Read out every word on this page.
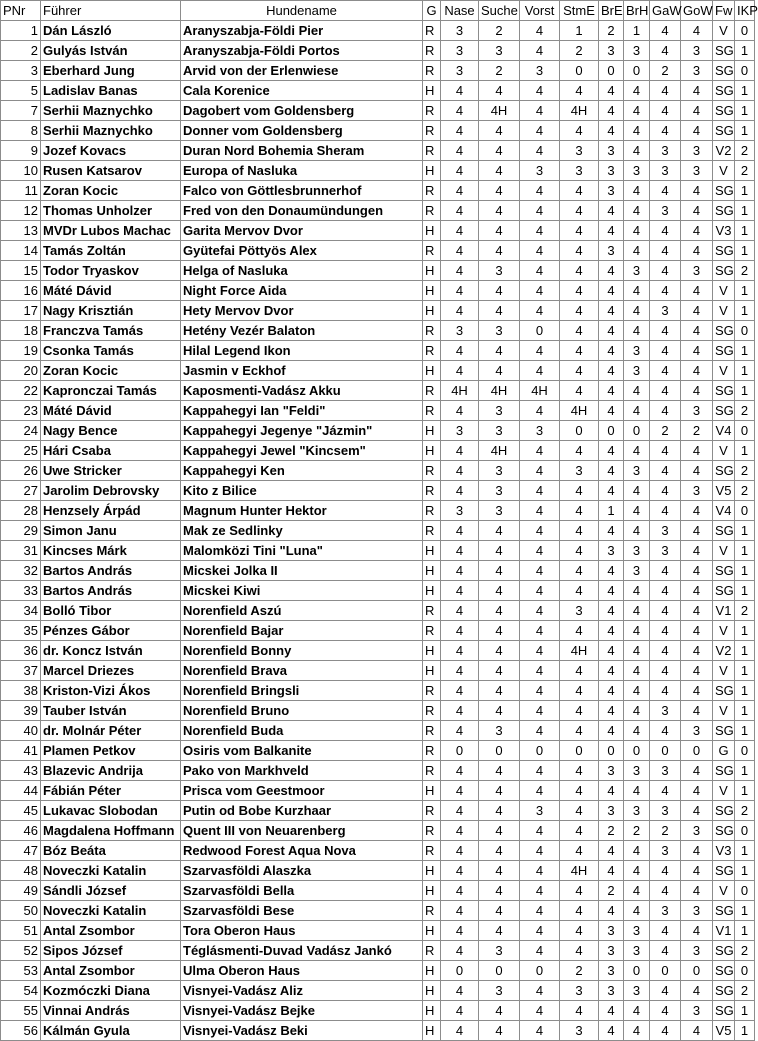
PNr	Führer	Hundename	G	Nase	Suche	Vorst	StmE	BrE	BrH	GaW	GoW	Fw	IKP
1	Dán László	Aranyszabja-Földi Pier	R	3	2	4	1	2	1	4	4	V	0
2	Gulyás István	Aranyszabja-Földi Portos	R	3	3	4	2	3	3	4	3	SG	1
3	Eberhard Jung	Arvid von der Erlenwiese	R	3	2	3	0	0	0	2	3	SG	0
5	Ladislav Banas	Cala Korenice	H	4	4	4	4	4	4	4	4	SG	1
7	Serhii Maznychko	Dagobert vom Goldensberg	R	4	4H	4	4H	4	4	4	4	SG	1
8	Serhii Maznychko	Donner vom Goldensberg	R	4	4	4	4	4	4	4	4	SG	1
9	Jozef Kovacs	Duran Nord Bohemia Sheram	R	4	4	4	3	3	4	3	3	V2	2
10	Rusen Katsarov	Europa of Nasluka	H	4	4	3	3	3	3	3	3	V	2
11	Zoran Kocic	Falco von Göttlesbrunnerhof	R	4	4	4	4	3	4	4	4	SG	1
12	Thomas Unholzer	Fred von den Donaumündungen	R	4	4	4	4	4	4	3	4	SG	1
13	MVDr Lubos Machac	Garita Mervov Dvor	H	4	4	4	4	4	4	4	4	V3	1
14	Tamás Zoltán	Gyütefai Pöttyös Alex	R	4	4	4	4	3	4	4	4	SG	1
15	Todor Tryaskov	Helga of Nasluka	H	4	3	4	4	4	3	4	3	SG	2
16	Máté Dávid	Night Force Aida	H	4	4	4	4	4	4	4	4	V	1
17	Nagy Krisztián	Hety Mervov Dvor	H	4	4	4	4	4	4	3	4	V	1
18	Franczva Tamás	Hetény Vezér Balaton	R	3	3	0	4	4	4	4	4	SG	0
19	Csonka Tamás	Hilal Legend Ikon	R	4	4	4	4	4	3	4	4	SG	1
20	Zoran Kocic	Jasmin v Eckhof	H	4	4	4	4	4	3	4	4	V	1
22	Kapronczai Tamás	Kaposmenti-Vadász Akku	R	4H	4H	4H	4	4	4	4	4	SG	1
23	Máté Dávid	Kappahegyi Ian "Feldi"	R	4	3	4	4H	4	4	4	3	SG	2
24	Nagy Bence	Kappahegyi Jegenye "Jázmin"	H	3	3	3	0	0	0	2	2	V4	0
25	Hári Csaba	Kappahegyi Jewel "Kincsem"	H	4	4H	4	4	4	4	4	4	V	1
26	Uwe Stricker	Kappahegyi Ken	R	4	3	4	3	4	3	4	4	SG	2
27	Jarolim Debrovsky	Kito z Bilice	R	4	3	4	4	4	4	4	3	V5	2
28	Henzsely Árpád	Magnum Hunter Hektor	R	3	3	4	4	1	4	4	4	V4	0
29	Simon Janu	Mak ze Sedlinky	R	4	4	4	4	4	4	3	4	SG	1
31	Kincses Márk	Malomközi Tini "Luna"	H	4	4	4	4	3	3	3	4	V	1
32	Bartos András	Micskei Jolka II	H	4	4	4	4	4	3	4	4	SG	1
33	Bartos András	Micskei Kiwi	H	4	4	4	4	4	4	4	4	SG	1
34	Bolló Tibor	Norenfield Aszú	R	4	4	4	3	4	4	4	4	V1	2
35	Pénzes Gábor	Norenfield Bajar	R	4	4	4	4	4	4	4	4	V	1
36	dr. Koncz István	Norenfield Bonny	H	4	4	4	4H	4	4	4	4	V2	1
37	Marcel Driezes	Norenfield Brava	H	4	4	4	4	4	4	4	4	V	1
38	Kriston-Vizi Ákos	Norenfield Bringsli	R	4	4	4	4	4	4	4	4	SG	1
39	Tauber István	Norenfield Bruno	R	4	4	4	4	4	4	3	4	V	1
40	dr. Molnár Péter	Norenfield Buda	R	4	3	4	4	4	4	4	3	SG	1
41	Plamen Petkov	Osiris vom Balkanite	R	0	0	0	0	0	0	0	0	G	0
43	Blazevic Andrija	Pako von Markhveld	R	4	4	4	4	3	3	3	4	SG	1
44	Fábián Péter	Prisca vom Geestmoor	H	4	4	4	4	4	4	4	4	V	1
45	Lukavac Slobodan	Putin od Bobe Kurzhaar	R	4	4	3	4	3	3	3	4	SG	2
46	Magdalena Hoffmann	Quent III von Neuarenberg	R	4	4	4	4	2	2	2	3	SG	0
47	Bóz Beáta	Redwood Forest Aqua Nova	R	4	4	4	4	4	4	3	4	V3	1
48	Noveczki Katalin	Szarvasföldi Alaszka	H	4	4	4	4H	4	4	4	4	SG	1
49	Sándli József	Szarvasföldi Bella	H	4	4	4	4	2	4	4	4	V	0
50	Noveczki Katalin	Szarvasföldi Bese	R	4	4	4	4	4	4	3	3	SG	1
51	Antal Zsombor	Tora Oberon Haus	H	4	4	4	4	3	3	4	4	V1	1
52	Sipos József	Téglásmenti-Duvad Vadász Jankó	R	4	3	4	4	3	3	4	3	SG	2
53	Antal Zsombor	Ulma Oberon Haus	H	0	0	0	2	3	0	0	0	SG	0
54	Kozmóczki Diana	Visnyei-Vadász Aliz	H	4	3	4	3	3	3	4	4	SG	2
55	Vinnai András	Visnyei-Vadász Bejke	H	4	4	4	4	4	4	4	3	SG	1
56	Kálmán Gyula	Visnyei-Vadász Beki	H	4	4	4	3	4	4	4	4	V5	1
